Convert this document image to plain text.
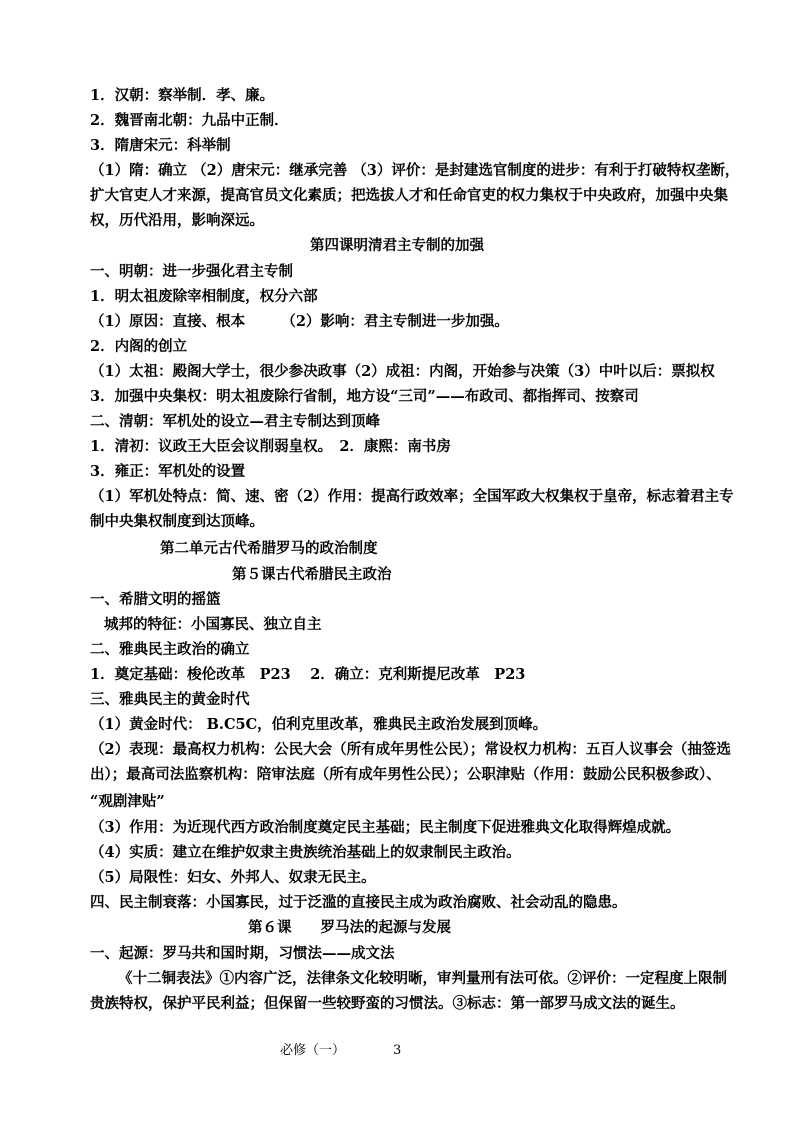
1．汉朝：察举制．孝、廉。
2．魏晋南北朝：九品中正制．
3．隋唐宋元：科举制
（1）隋：确立 （2）唐宋元：继承完善 （3）评价：是封建选官制度的进步：有利于打破特权垄断，
扩大官吏人才来源，提高官员文化素质；把选拔人才和任命官吏的权力集权于中央政府，加强中央集
权，历代沿用，影响深远。
第四课明清君主专制的加强
一、明朝：进一步强化君主专制
1．明太祖废除宰相制度，权分六部
（1）原因：直接、根本　　　（2）影响：君主专制进一步加强。
2．内阁的创立
（1）太祖：殿阁大学士，很少参决政事（2）成祖：内阁，开始参与决策（3）中叶以后：票拟权
3．加强中央集权：明太祖废除行省制，地方设“三司”——布政司、都指挥司、按察司
二、清朝：军机处的设立—君主专制达到顶峰
1．清初：议政王大臣会议削弱皇权。　2．康熙：南书房
3．雍正：军机处的设置
（1）军机处特点：简、速、密（2）作用：提高行政效率；全国军政大权集权于皇帝，标志着君主专
制中央集权制度到达顶峰。
第二单元古代希腊罗马的政治制度
第５课古代希腊民主政治
一、希腊文明的摇篮
城邦的特征：小国寡民、独立自主
二、雅典民主政治的确立
1．奠定基础：梭伦改革　P23　 2．确立：克利斯提尼改革　P23
三、雅典民主的黄金时代
（1）黄金时代： B.C5C，伯利克里改革，雅典民主政治发展到顶峰。
（2）表现：最高权力机构：公民大会（所有成年男性公民）；常设权力机构：五百人议事会（抽签选
出）；最高司法监察机构：陪审法庭（所有成年男性公民）；公职津贴（作用：鼓励公民积极参政）、
“观剧津贴”
（3）作用：为近现代西方政治制度奠定民主基础；民主制度下促进雅典文化取得辉煌成就。
（4）实质：建立在维护奴隶主贵族统治基础上的奴隶制民主政治。
（5）局限性：妇女、外邦人、奴隶无民主。
四、民主制衰落：小国寡民，过于泛滥的直接民主成为政治腐败、社会动乱的隐患。
第６课　　罗马法的起源与发展
一、起源：罗马共和国时期，习惯法——成文法
《十二铜表法》①内容广泛，法律条文化较明晰，审判量刑有法可依。②评价：一定程度上限制
贵族特权，保护平民利益；但保留一些较野蛮的习惯法。③标志：第一部罗马成文法的诞生。
必修（一）	3
